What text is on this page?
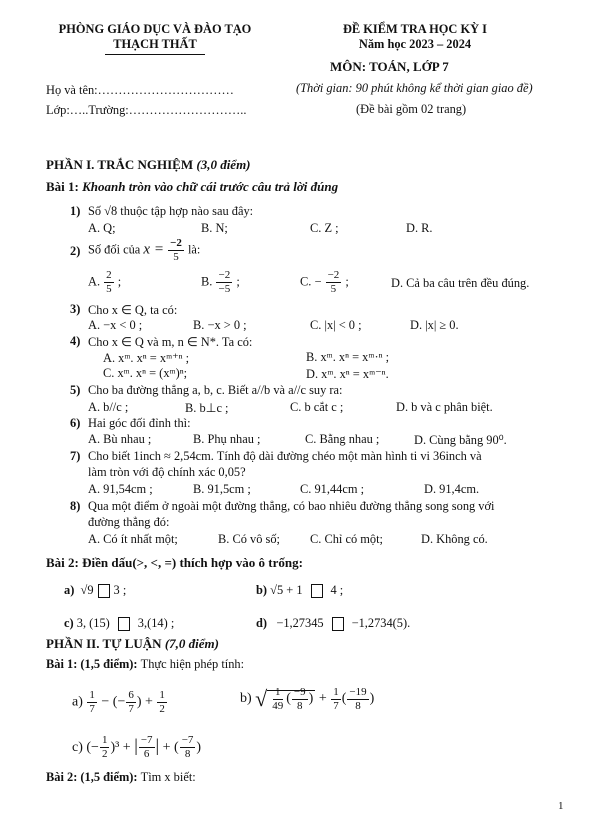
PHÒNG GIÁO DỤC VÀ ĐÀO TẠO
THẠCH THẤT
ĐỀ KIỂM TRA HỌC KỲ I
Năm học 2023 – 2024
MÔN: TOÁN, LỚP 7
Họ và tên:……………………………	(Thời gian: 90 phút không kể thời gian giao đề)
Lớp:…..Trường:………………………..	(Đề bài gồm 02 trang)
PHẦN I. TRẮC NGHIỆM (3,0 điểm)
Bài 1: Khoanh tròn vào chữ cái trước câu trả lời đúng
1) Số √8 thuộc tập hợp nào sau đây:
A. Q;	B. N;	C. Z ;	D. R.
2) Số đối của $x = \frac{-2}{5}$ là:
A. $\frac{2}{5}$ ;	B. $\frac{-2}{-5}$ ;	C. − $\frac{-2}{5}$ ;	D. Cả ba câu trên đều đúng.
3) Cho x ∈ Q, ta có:
A. −x < 0 ;	B. −x > 0 ;	C. |x| < 0 ;	D. |x| ≥ 0.
4) Cho x ∈ Q và m, n ∈ N*. Ta có:
A. xᵐ. xⁿ = xᵐ⁺ⁿ ;	B. xᵐ. xⁿ = xᵐ·ⁿ ;
C. xᵐ. xⁿ = (xᵐ)ⁿ;	D. xᵐ. xⁿ = xᵐ⁻ⁿ.
5) Cho ba đường thẳng a, b, c. Biết a//b và a//c suy ra:
A. b//c ;	B. b⊥c ;	C. b cắt c ;	D. b và c phân biệt.
6) Hai góc đối đỉnh thì:
A. Bù nhau ;	B. Phụ nhau ;	C. Bằng nhau ;	D. Cùng bằng 90⁰.
7) Cho biết 1inch ≈ 2,54cm. Tính độ dài đường chéo một màn hình ti vi 36inch và
làm tròn với độ chính xác 0,05?
A. 91,54cm ;	B. 91,5cm ;	C. 91,44cm ;	D. 91,4cm.
8) Qua một điểm ở ngoài một đường thẳng, có bao nhiêu đường thẳng song song với
đường thẳng đó:
A. Có ít nhất một;	B. Có vô số; C. Chỉ có một;	D. Không có.
Bài 2: Điền dấu(>, <, =) thích hợp vào ô trống:
a) √9 3 ;	b) √5 + 1 4 ;
c) 3, (15) 3,(14) ;	d) −1,27345 −1,2734(5).
PHẦN II. TỰ LUẬN (7,0 điểm)
Bài 1: (1,5 điểm): Thực hiện phép tính:
$a) \frac{1}{7}$ − (− $\frac{6}{7}$ ) + $\frac{1}{2}$	b) √ $\frac{1}{49}$ ( $\frac{-9}{8}$ ) + $\frac{1}{7}$ ( $\frac{-19}{8}$ )
c) (− $\frac{1}{2} )^3$ + | $\frac{-7}{6}$ | + ( $\frac{-7}{8}$ )
Bài 2: (1,5 điểm): Tìm x biết:
1
